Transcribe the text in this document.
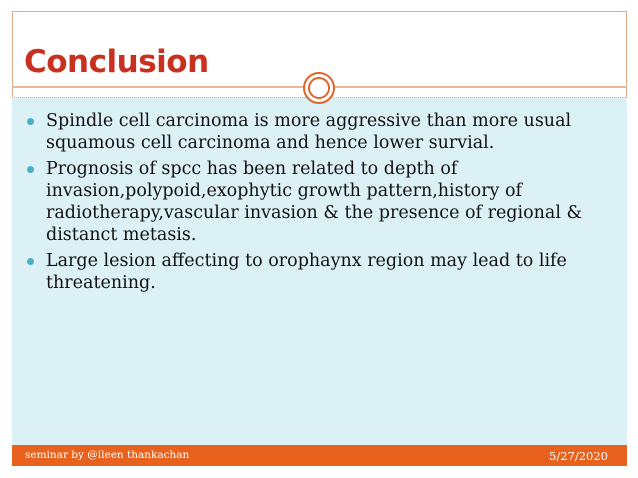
Conclusion
Spindle cell carcinoma is more aggressive than more usual squamous cell carcinoma and hence lower survial.
Prognosis of spcc has been related to depth of invasion,polypoid,exophytic growth pattern,history of radiotherapy,vascular invasion & the presence of regional & distanct metasis.
Large lesion affecting to orophaynx region may lead to life threatening.
seminar by @ileen thankachan	5/27/2020
